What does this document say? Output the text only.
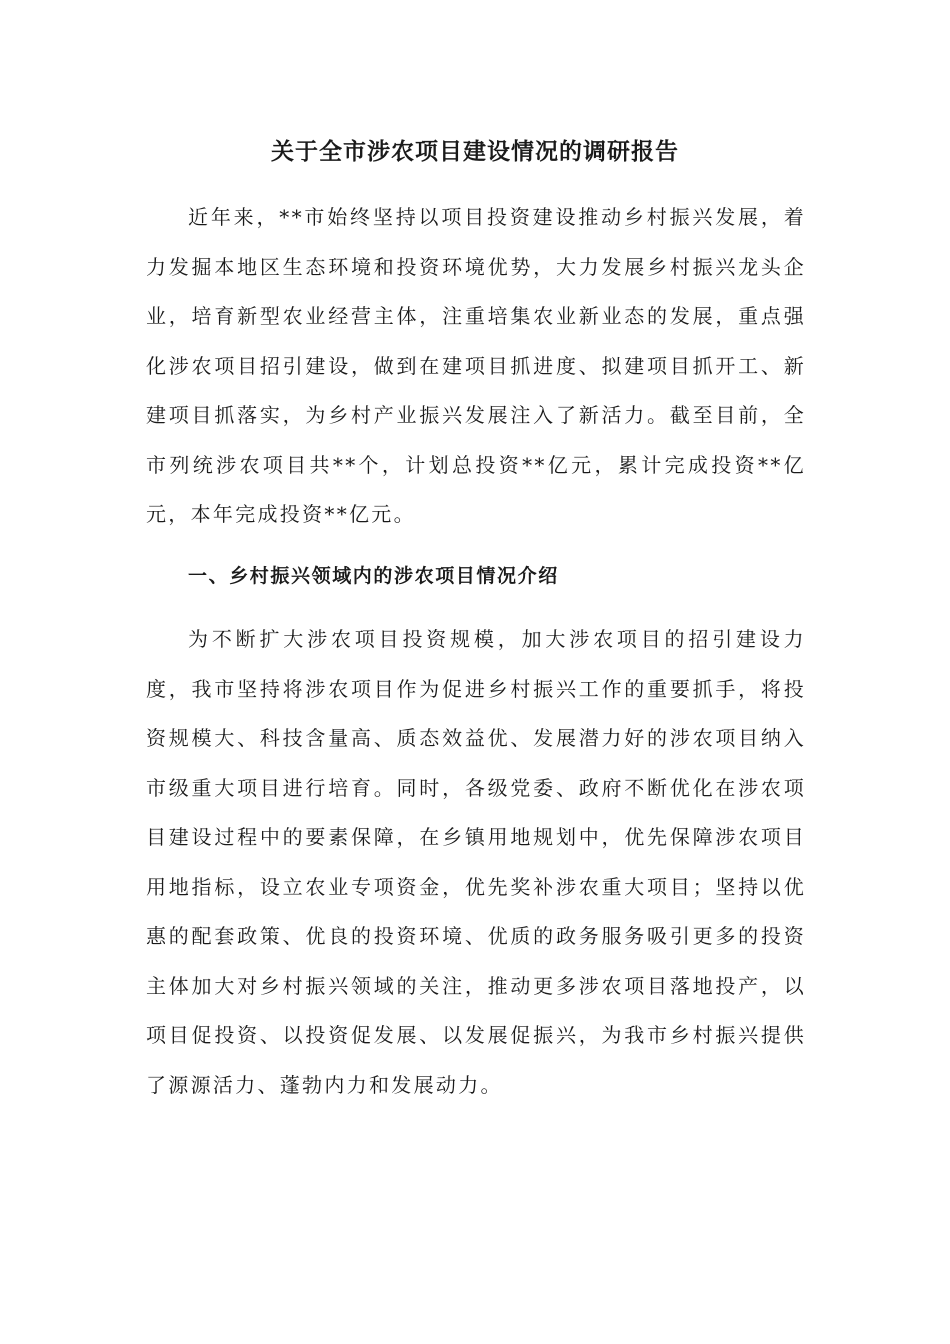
关于全市涉农项目建设情况的调研报告

近年来，**市始终坚持以项目投资建设推动乡村振兴发展，着力发掘本地区生态环境和投资环境优势，大力发展乡村振兴龙头企业，培育新型农业经营主体，注重培集农业新业态的发展，重点强化涉农项目招引建设，做到在建项目抓进度、拟建项目抓开工、新建项目抓落实，为乡村产业振兴发展注入了新活力。截至目前，全市列统涉农项目共**个，计划总投资**亿元，累计完成投资**亿元，本年完成投资**亿元。

一、乡村振兴领域内的涉农项目情况介绍

为不断扩大涉农项目投资规模，加大涉农项目的招引建设力度，我市坚持将涉农项目作为促进乡村振兴工作的重要抓手，将投资规模大、科技含量高、质态效益优、发展潜力好的涉农项目纳入市级重大项目进行培育。同时，各级党委、政府不断优化在涉农项目建设过程中的要素保障，在乡镇用地规划中，优先保障涉农项目用地指标，设立农业专项资金，优先奖补涉农重大项目；坚持以优惠的配套政策、优良的投资环境、优质的政务服务吸引更多的投资主体加大对乡村振兴领域的关注，推动更多涉农项目落地投产，以项目促投资、以投资促发展、以发展促振兴，为我市乡村振兴提供了源源活力、蓬勃内力和发展动力。
